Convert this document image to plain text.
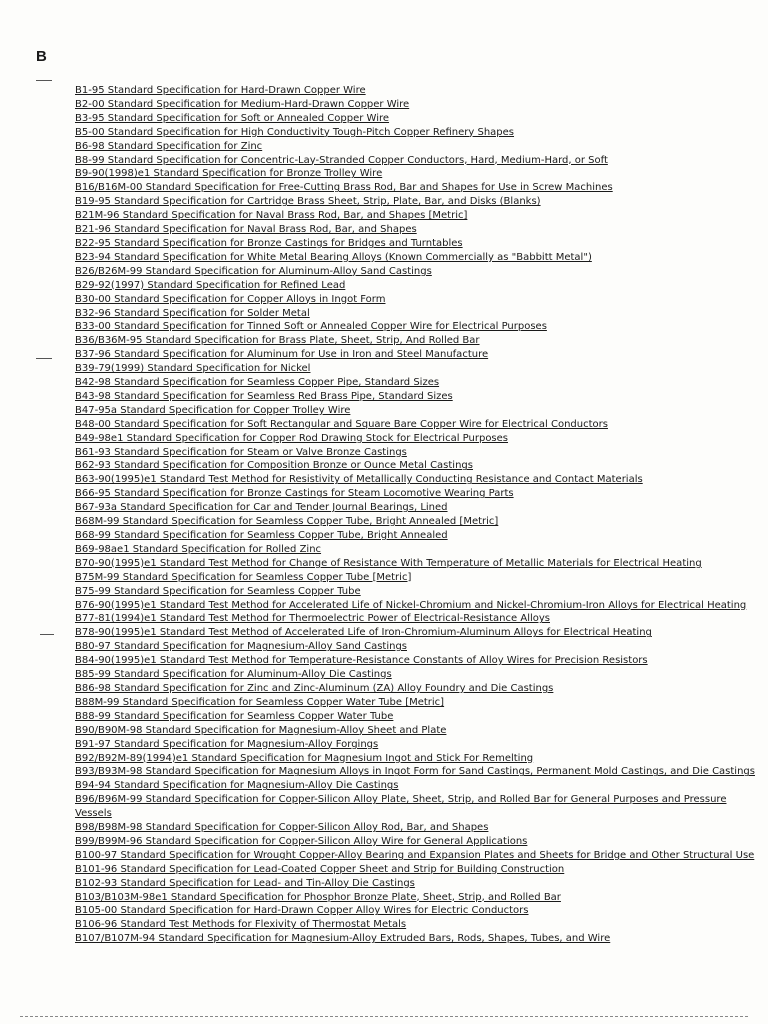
B
B1-95 Standard Specification for Hard-Drawn Copper Wire
B2-00 Standard Specification for Medium-Hard-Drawn Copper Wire
B3-95 Standard Specification for Soft or Annealed Copper Wire
B5-00 Standard Specification for High Conductivity Tough-Pitch Copper Refinery Shapes
B6-98 Standard Specification for Zinc
B8-99 Standard Specification for Concentric-Lay-Stranded Copper Conductors, Hard, Medium-Hard, or Soft
B9-90(1998)e1 Standard Specification for Bronze Trolley Wire
B16/B16M-00 Standard Specification for Free-Cutting Brass Rod, Bar and Shapes for Use in Screw Machines
B19-95 Standard Specification for Cartridge Brass Sheet, Strip, Plate, Bar, and Disks (Blanks)
B21M-96 Standard Specification for Naval Brass Rod, Bar, and Shapes [Metric]
B21-96 Standard Specification for Naval Brass Rod, Bar, and Shapes
B22-95 Standard Specification for Bronze Castings for Bridges and Turntables
B23-94 Standard Specification for White Metal Bearing Alloys (Known Commercially as "Babbitt Metal")
B26/B26M-99 Standard Specification for Aluminum-Alloy Sand Castings
B29-92(1997) Standard Specification for Refined Lead
B30-00 Standard Specification for Copper Alloys in Ingot Form
B32-96 Standard Specification for Solder Metal
B33-00 Standard Specification for Tinned Soft or Annealed Copper Wire for Electrical Purposes
B36/B36M-95 Standard Specification for Brass Plate, Sheet, Strip, And Rolled Bar
B37-96 Standard Specification for Aluminum for Use in Iron and Steel Manufacture
B39-79(1999) Standard Specification for Nickel
B42-98 Standard Specification for Seamless Copper Pipe, Standard Sizes
B43-98 Standard Specification for Seamless Red Brass Pipe, Standard Sizes
B47-95a Standard Specification for Copper Trolley Wire
B48-00 Standard Specification for Soft Rectangular and Square Bare Copper Wire for Electrical Conductors
B49-98e1 Standard Specification for Copper Rod Drawing Stock for Electrical Purposes
B61-93 Standard Specification for Steam or Valve Bronze Castings
B62-93 Standard Specification for Composition Bronze or Ounce Metal Castings
B63-90(1995)e1 Standard Test Method for Resistivity of Metallically Conducting Resistance and Contact Materials
B66-95 Standard Specification for Bronze Castings for Steam Locomotive Wearing Parts
B67-93a Standard Specification for Car and Tender Journal Bearings, Lined
B68M-99 Standard Specification for Seamless Copper Tube, Bright Annealed [Metric]
B68-99 Standard Specification for Seamless Copper Tube, Bright Annealed
B69-98ae1 Standard Specification for Rolled Zinc
B70-90(1995)e1 Standard Test Method for Change of Resistance With Temperature of Metallic Materials for Electrical Heating
B75M-99 Standard Specification for Seamless Copper Tube [Metric]
B75-99 Standard Specification for Seamless Copper Tube
B76-90(1995)e1 Standard Test Method for Accelerated Life of Nickel-Chromium and Nickel-Chromium-Iron Alloys for Electrical Heating
B77-81(1994)e1 Standard Test Method for Thermoelectric Power of Electrical-Resistance Alloys
B78-90(1995)e1 Standard Test Method of Accelerated Life of Iron-Chromium-Aluminum Alloys for Electrical Heating
B80-97 Standard Specification for Magnesium-Alloy Sand Castings
B84-90(1995)e1 Standard Test Method for Temperature-Resistance Constants of Alloy Wires for Precision Resistors
B85-99 Standard Specification for Aluminum-Alloy Die Castings
B86-98 Standard Specification for Zinc and Zinc-Aluminum (ZA) Alloy Foundry and Die Castings
B88M-99 Standard Specification for Seamless Copper Water Tube [Metric]
B88-99 Standard Specification for Seamless Copper Water Tube
B90/B90M-98 Standard Specification for Magnesium-Alloy Sheet and Plate
B91-97 Standard Specification for Magnesium-Alloy Forgings
B92/B92M-89(1994)e1 Standard Specification for Magnesium Ingot and Stick For Remelting
B93/B93M-98 Standard Specification for Magnesium Alloys in Ingot Form for Sand Castings, Permanent Mold Castings, and Die Castings
B94-94 Standard Specification for Magnesium-Alloy Die Castings
B96/B96M-99 Standard Specification for Copper-Silicon Alloy Plate, Sheet, Strip, and Rolled Bar for General Purposes and Pressure Vessels
B98/B98M-98 Standard Specification for Copper-Silicon Alloy Rod, Bar, and Shapes
B99/B99M-96 Standard Specification for Copper-Silicon Alloy Wire for General Applications
B100-97 Standard Specification for Wrought Copper-Alloy Bearing and Expansion Plates and Sheets for Bridge and Other Structural Use
B101-96 Standard Specification for Lead-Coated Copper Sheet and Strip for Building Construction
B102-93 Standard Specification for Lead- and Tin-Alloy Die Castings
B103/B103M-98e1 Standard Specification for Phosphor Bronze Plate, Sheet, Strip, and Rolled Bar
B105-00 Standard Specification for Hard-Drawn Copper Alloy Wires for Electric Conductors
B106-96 Standard Test Methods for Flexivity of Thermostat Metals
B107/B107M-94 Standard Specification for Magnesium-Alloy Extruded Bars, Rods, Shapes, Tubes, and Wire
